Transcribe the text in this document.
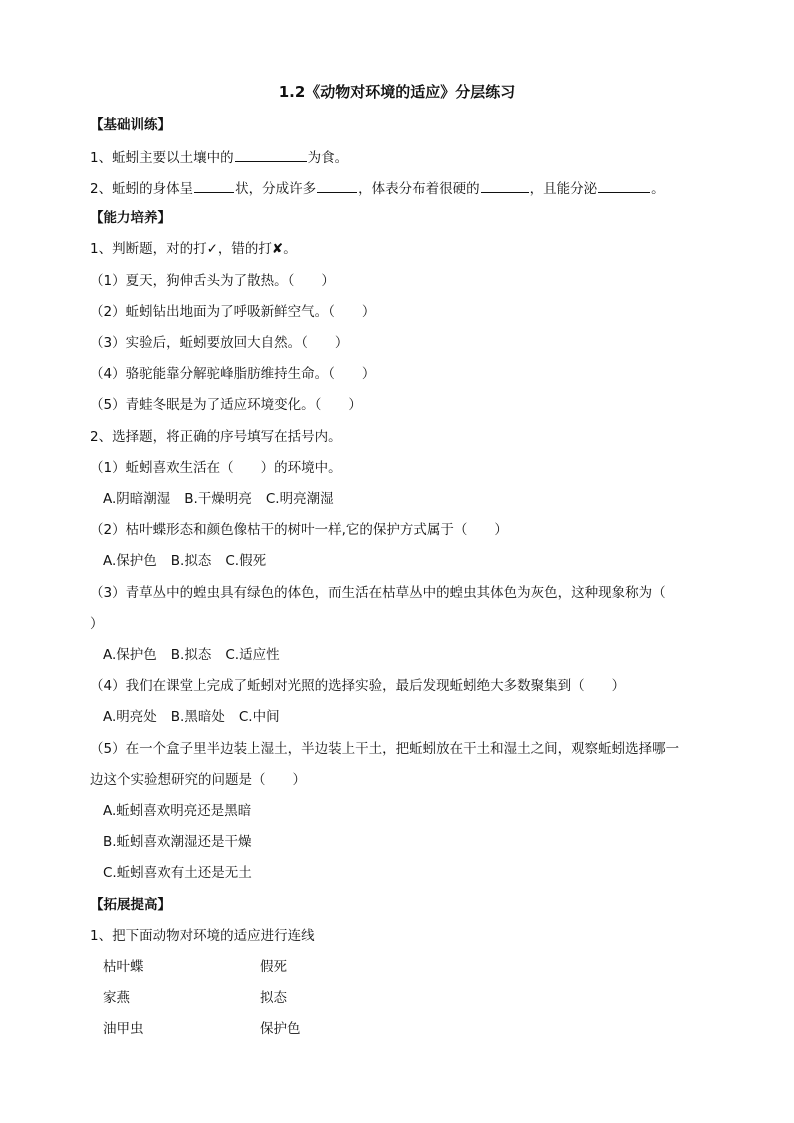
1.2《动物对环境的适应》分层练习
【基础训练】
1、蚯蚓主要以土壤中的	为食。
2、蚯蚓的身体呈	状，分成许多	，体表分布着很硬的	，且能分泌	。
【能力培养】
1、判断题，对的打✓，错的打✘。
（1）夏天，狗伸舌头为了散热。（　　）
（2）蚯蚓钻出地面为了呼吸新鲜空气。（　　）
（3）实验后，蚯蚓要放回大自然。（　　）
（4）骆驼能靠分解驼峰脂肪维持生命。（　　）
（5）青蛙冬眠是为了适应环境变化。（　　）
2、选择题，将正确的序号填写在括号内。
（1）蚯蚓喜欢生活在（　　）的环境中。
A.阴暗潮湿 B.干燥明亮 C.明亮潮湿
（2）枯叶蝶形态和颜色像枯干的树叶一样,它的保护方式属于（　　）
A.保护色 B.拟态 C.假死
（3）青草丛中的蝗虫具有绿色的体色，而生活在枯草丛中的蝗虫其体色为灰色，这种现象称为（
）
A.保护色 B.拟态 C.适应性
（4）我们在课堂上完成了蚯蚓对光照的选择实验，最后发现蚯蚓绝大多数聚集到（　　）
A.明亮处 B.黑暗处 C.中间
（5）在一个盒子里半边装上湿土，半边装上干土，把蚯蚓放在干土和湿土之间，观察蚯蚓选择哪一
边这个实验想研究的问题是（　　）
A.蚯蚓喜欢明亮还是黑暗
B.蚯蚓喜欢潮湿还是干燥
C.蚯蚓喜欢有土还是无土
【拓展提高】
1、把下面动物对环境的适应进行连线
枯叶蝶	假死
家燕	拟态
油甲虫	保护色
